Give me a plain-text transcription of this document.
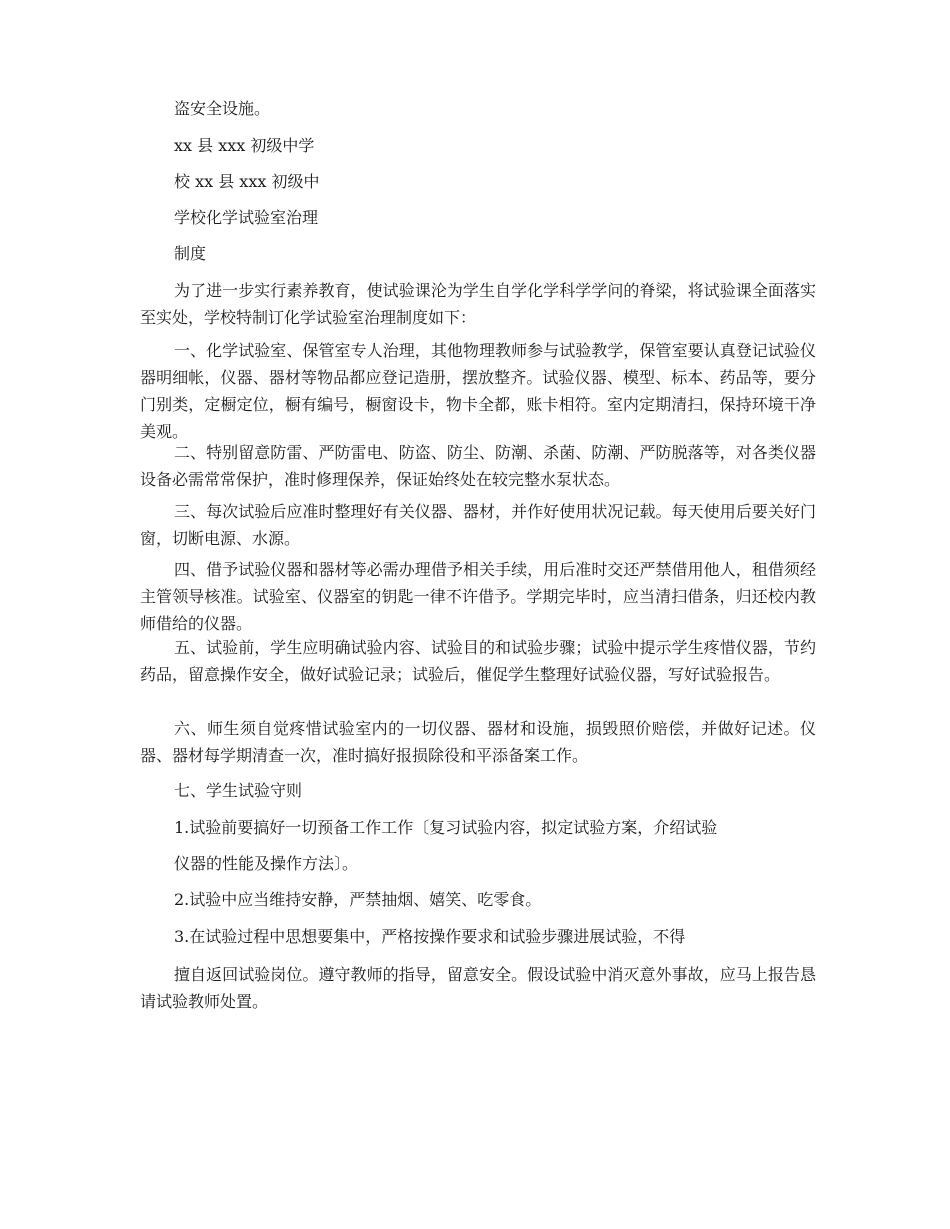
盗安全设施。
xx 县 xxx 初级中学
校 xx 县 xxx 初级中
学校化学试验室治理
制度
为了进一步实行素养教育，使试验课沦为学生自学化学科学学问的脊梁，将试验课全面落实至实处，学校特制订化学试验室治理制度如下：
一、化学试验室、保管室专人治理，其他物理教师参与试验教学，保管室要认真登记试验仪器明细帐，仪器、器材等物品都应登记造册，摆放整齐。试验仪器、模型、标本、药品等，要分门别类，定橱定位，橱有编号，橱窗设卡，物卡全都，账卡相符。室内定期清扫，保持环境干净美观。
二、特别留意防雷、严防雷电、防盗、防尘、防潮、杀菌、防潮、严防脱落等，对各类仪器设备必需常常保护，准时修理保养，保证始终处在较完整水泵状态。
三、每次试验后应准时整理好有关仪器、器材，并作好使用状况记载。每天使用后要关好门窗，切断电源、水源。
四、借予试验仪器和器材等必需办理借予相关手续，用后准时交还严禁借用他人，租借须经主管领导核准。试验室、仪器室的钥匙一律不许借予。学期完毕时，应当清扫借条，归还校内教师借给的仪器。
五、试验前，学生应明确试验内容、试验目的和试验步骤；试验中提示学生疼惜仪器，节约药品，留意操作安全，做好试验记录；试验后，催促学生整理好试验仪器，写好试验报告。
六、师生须自觉疼惜试验室内的一切仪器、器材和设施，损毁照价赔偿，并做好记述。仪器、器材每学期清查一次，准时搞好报损除役和平添备案工作。
七、学生试验守则
1.试验前要搞好一切预备工作工作〔复习试验内容，拟定试验方案，介绍试验
仪器的性能及操作方法〕。
2.试验中应当维持安静，严禁抽烟、嬉笑、吃零食。
3.在试验过程中思想要集中，严格按操作要求和试验步骤进展试验，不得
擅自返回试验岗位。遵守教师的指导，留意安全。假设试验中消灭意外事故，应马上报告恳请试验教师处置。
